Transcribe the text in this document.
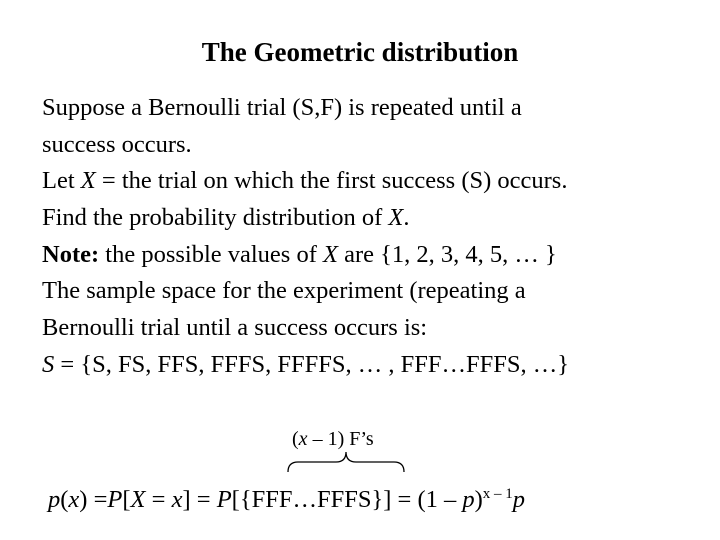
The Geometric distribution
Suppose a Bernoulli trial (S,F) is repeated until a
success occurs.
Let X = the trial on which the first success (S) occurs.
Find the probability distribution of X.
Note: the possible values of X are {1, 2, 3, 4, 5, … }
The sample space for the experiment (repeating a
Bernoulli trial until a success occurs is:
S = {S, FS, FFS, FFFS, FFFFS, … , FFF…FFFS, …}
(x – 1) F’s
p(x) =P[X = x] = P[{FFF…FFFS}] = (1 – p)$^{x - 1}$p
